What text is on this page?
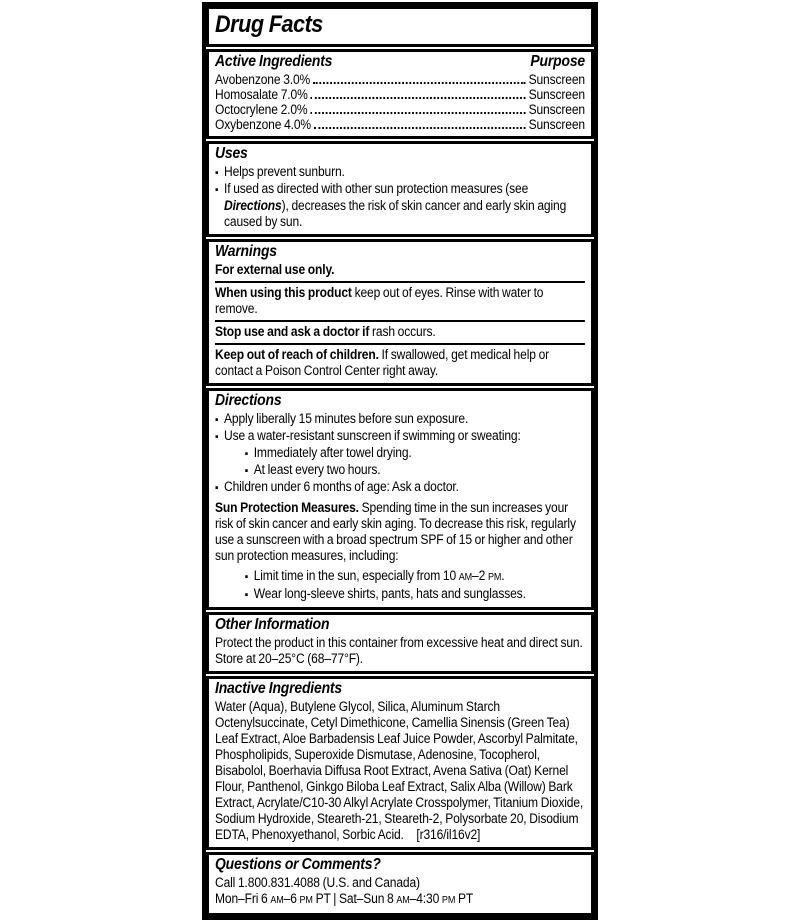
Drug Facts
Active Ingredients	Purpose
Avobenzone 3.0%	Sunscreen
Homosalate 7.0%	Sunscreen
Octocrylene 2.0%	Sunscreen
Oxybenzone 4.0%	Sunscreen
Uses
▪ Helps prevent sunburn.
▪ If used as directed with other sun protection measures (see Directions), decreases the risk of skin cancer and early skin aging caused by sun.
Warnings

For external use only.

When using this product keep out of eyes. Rinse with water to remove.

Stop use and ask a doctor if rash occurs.

Keep out of reach of children. If swallowed, get medical help or contact a Poison Control Center right away.

Directions
▪ Apply liberally 15 minutes before sun exposure.
▪ Use a water-resistant sunscreen if swimming or sweating:
▪ Immediately after towel drying.
▪ At least every two hours.
▪ Children under 6 months of age: Ask a doctor.

Sun Protection Measures. Spending time in the sun increases your risk of skin cancer and early skin aging. To decrease this risk, regularly use a sunscreen with a broad spectrum SPF of 15 or higher and other sun protection measures, including:

▪ Limit time in the sun, especially from 10 AM–2 PM.
▪ Wear long-sleeve shirts, pants, hats and sunglasses.
Other Information

Protect the product in this container from excessive heat and direct sun.

Store at 20–25°C (68–77°F).

Inactive Ingredients

Water (Aqua), Butylene Glycol, Silica, Aluminum Starch Octenylsuccinate, Cetyl Dimethicone, Camellia Sinensis (Green Tea) Leaf Extract, Aloe Barbadensis Leaf Juice Powder, Ascorbyl Palmitate, Phospholipids, Superoxide Dismutase, Adenosine, Tocopherol, Bisabolol, Boerhavia Diffusa Root Extract, Avena Sativa (Oat) Kernel Flour, Panthenol, Ginkgo Biloba Leaf Extract, Salix Alba (Willow) Bark Extract, Acrylate/C10-30 Alkyl Acrylate Crosspolymer, Titanium Dioxide, Sodium Hydroxide, Steareth-21, Steareth-2, Polysorbate 20, Disodium EDTA, Phenoxyethanol, Sorbic Acid. [r316/il16v2]

Questions or Comments?

Call 1.800.831.4088 (U.S. and Canada)

Mon–Fri 6 AM–6 PM PT | Sat–Sun 8 AM–4:30 PM PT
